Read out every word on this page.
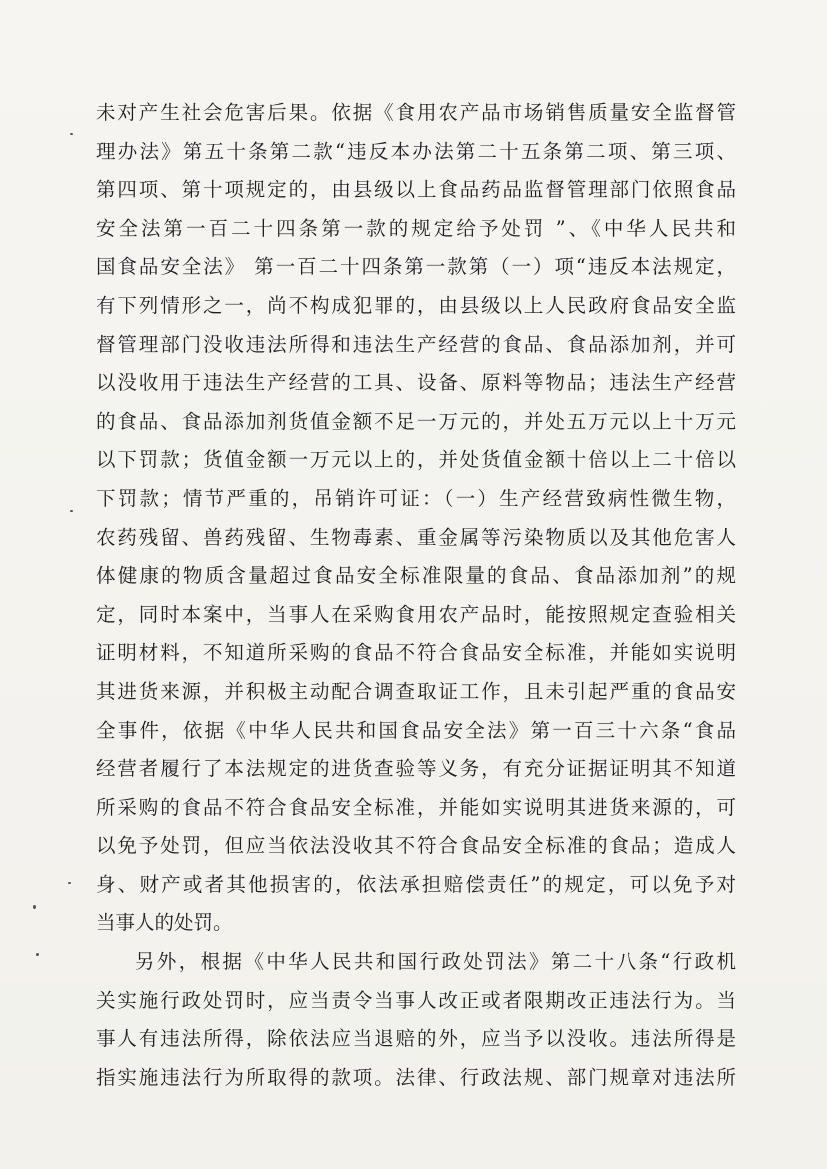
未对产生社会危害后果。依据《食用农产品市场销售质量安全监督管
理办法》第五十条第二款“违反本办法第二十五条第二项、第三项、
第四项、第十项规定的，由县级以上食品药品监督管理部门依照食品
安全法第一百二十四条第一款的规定给予处罚 ”、《中华人民共和
国食品安全法》 第一百二十四条第一款第（一）项“违反本法规定，
有下列情形之一，尚不构成犯罪的，由县级以上人民政府食品安全监
督管理部门没收违法所得和违法生产经营的食品、食品添加剂，并可
以没收用于违法生产经营的工具、设备、原料等物品；违法生产经营
的食品、食品添加剂货值金额不足一万元的，并处五万元以上十万元
以下罚款；货值金额一万元以上的，并处货值金额十倍以上二十倍以
下罚款；情节严重的，吊销许可证：（一）生产经营致病性微生物，
农药残留、兽药残留、生物毒素、重金属等污染物质以及其他危害人
体健康的物质含量超过食品安全标准限量的食品、食品添加剂”的规
定，同时本案中，当事人在采购食用农产品时，能按照规定查验相关
证明材料，不知道所采购的食品不符合食品安全标准，并能如实说明
其进货来源，并积极主动配合调查取证工作，且未引起严重的食品安
全事件，依据《中华人民共和国食品安全法》第一百三十六条“食品
经营者履行了本法规定的进货查验等义务，有充分证据证明其不知道
所采购的食品不符合食品安全标准，并能如实说明其进货来源的，可
以免予处罚，但应当依法没收其不符合食品安全标准的食品；造成人
身、财产或者其他损害的，依法承担赔偿责任”的规定，可以免予对
当事人的处罚。
另外，根据《中华人民共和国行政处罚法》第二十八条“行政机
关实施行政处罚时，应当责令当事人改正或者限期改正违法行为。当
事人有违法所得，除依法应当退赔的外，应当予以没收。违法所得是
指实施违法行为所取得的款项。法律、行政法规、部门规章对违法所
